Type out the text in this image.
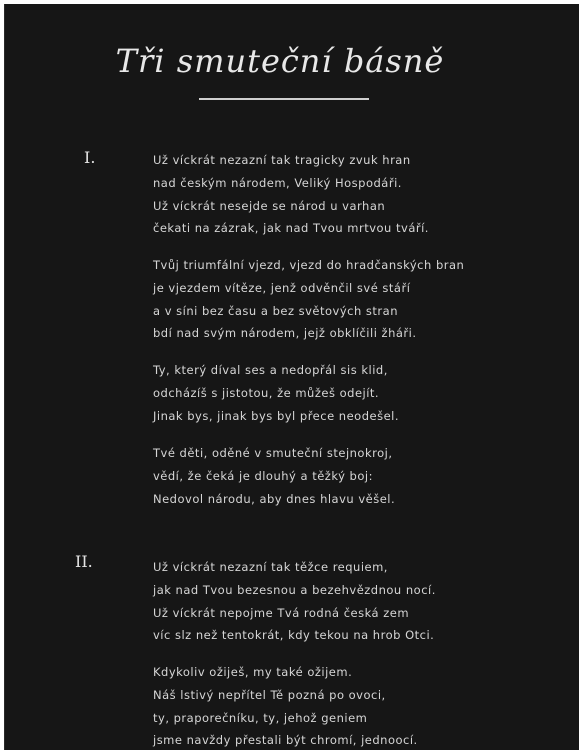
Tři smuteční básně

I.	Už víckrát nezazní tak tragicky zvuk hran
nad českým národem, Veliký Hospodáři.
Už víckrát nesejde se národ u varhan
čekati na zázrak, jak nad Tvou mrtvou tváří.
Tvůj triumfální vjezd, vjezd do hradčanských bran
je vjezdem vítěze, jenž odvěnčil své stáří
a v síni bez času a bez světových stran
bdí nad svým národem, jejž obklíčili žháři.
Ty, který díval ses a nedopřál sis klid,
odcházíš s jistotou, že můžeš odejít.
Jinak bys, jinak bys byl přece neodešel.
Tvé děti, oděné v smuteční stejnokroj,
vědí, že čeká je dlouhý a těžký boj:
Nedovol národu, aby dnes hlavu věšel.

II.	Už víckrát nezazní tak těžce requiem,
jak nad Tvou bezesnou a bezehvězdnou nocí.
Už víckrát nepojme Tvá rodná česká zem
víc slz než tentokrát, kdy tekou na hrob Otci.
Kdykoliv ožiješ, my také ožijem.
Náš lstivý nepřítel Tě pozná po ovoci,
ty, praporečníku, ty, jehož geniem
jsme navždy přestali být chromí, jednoocí.
